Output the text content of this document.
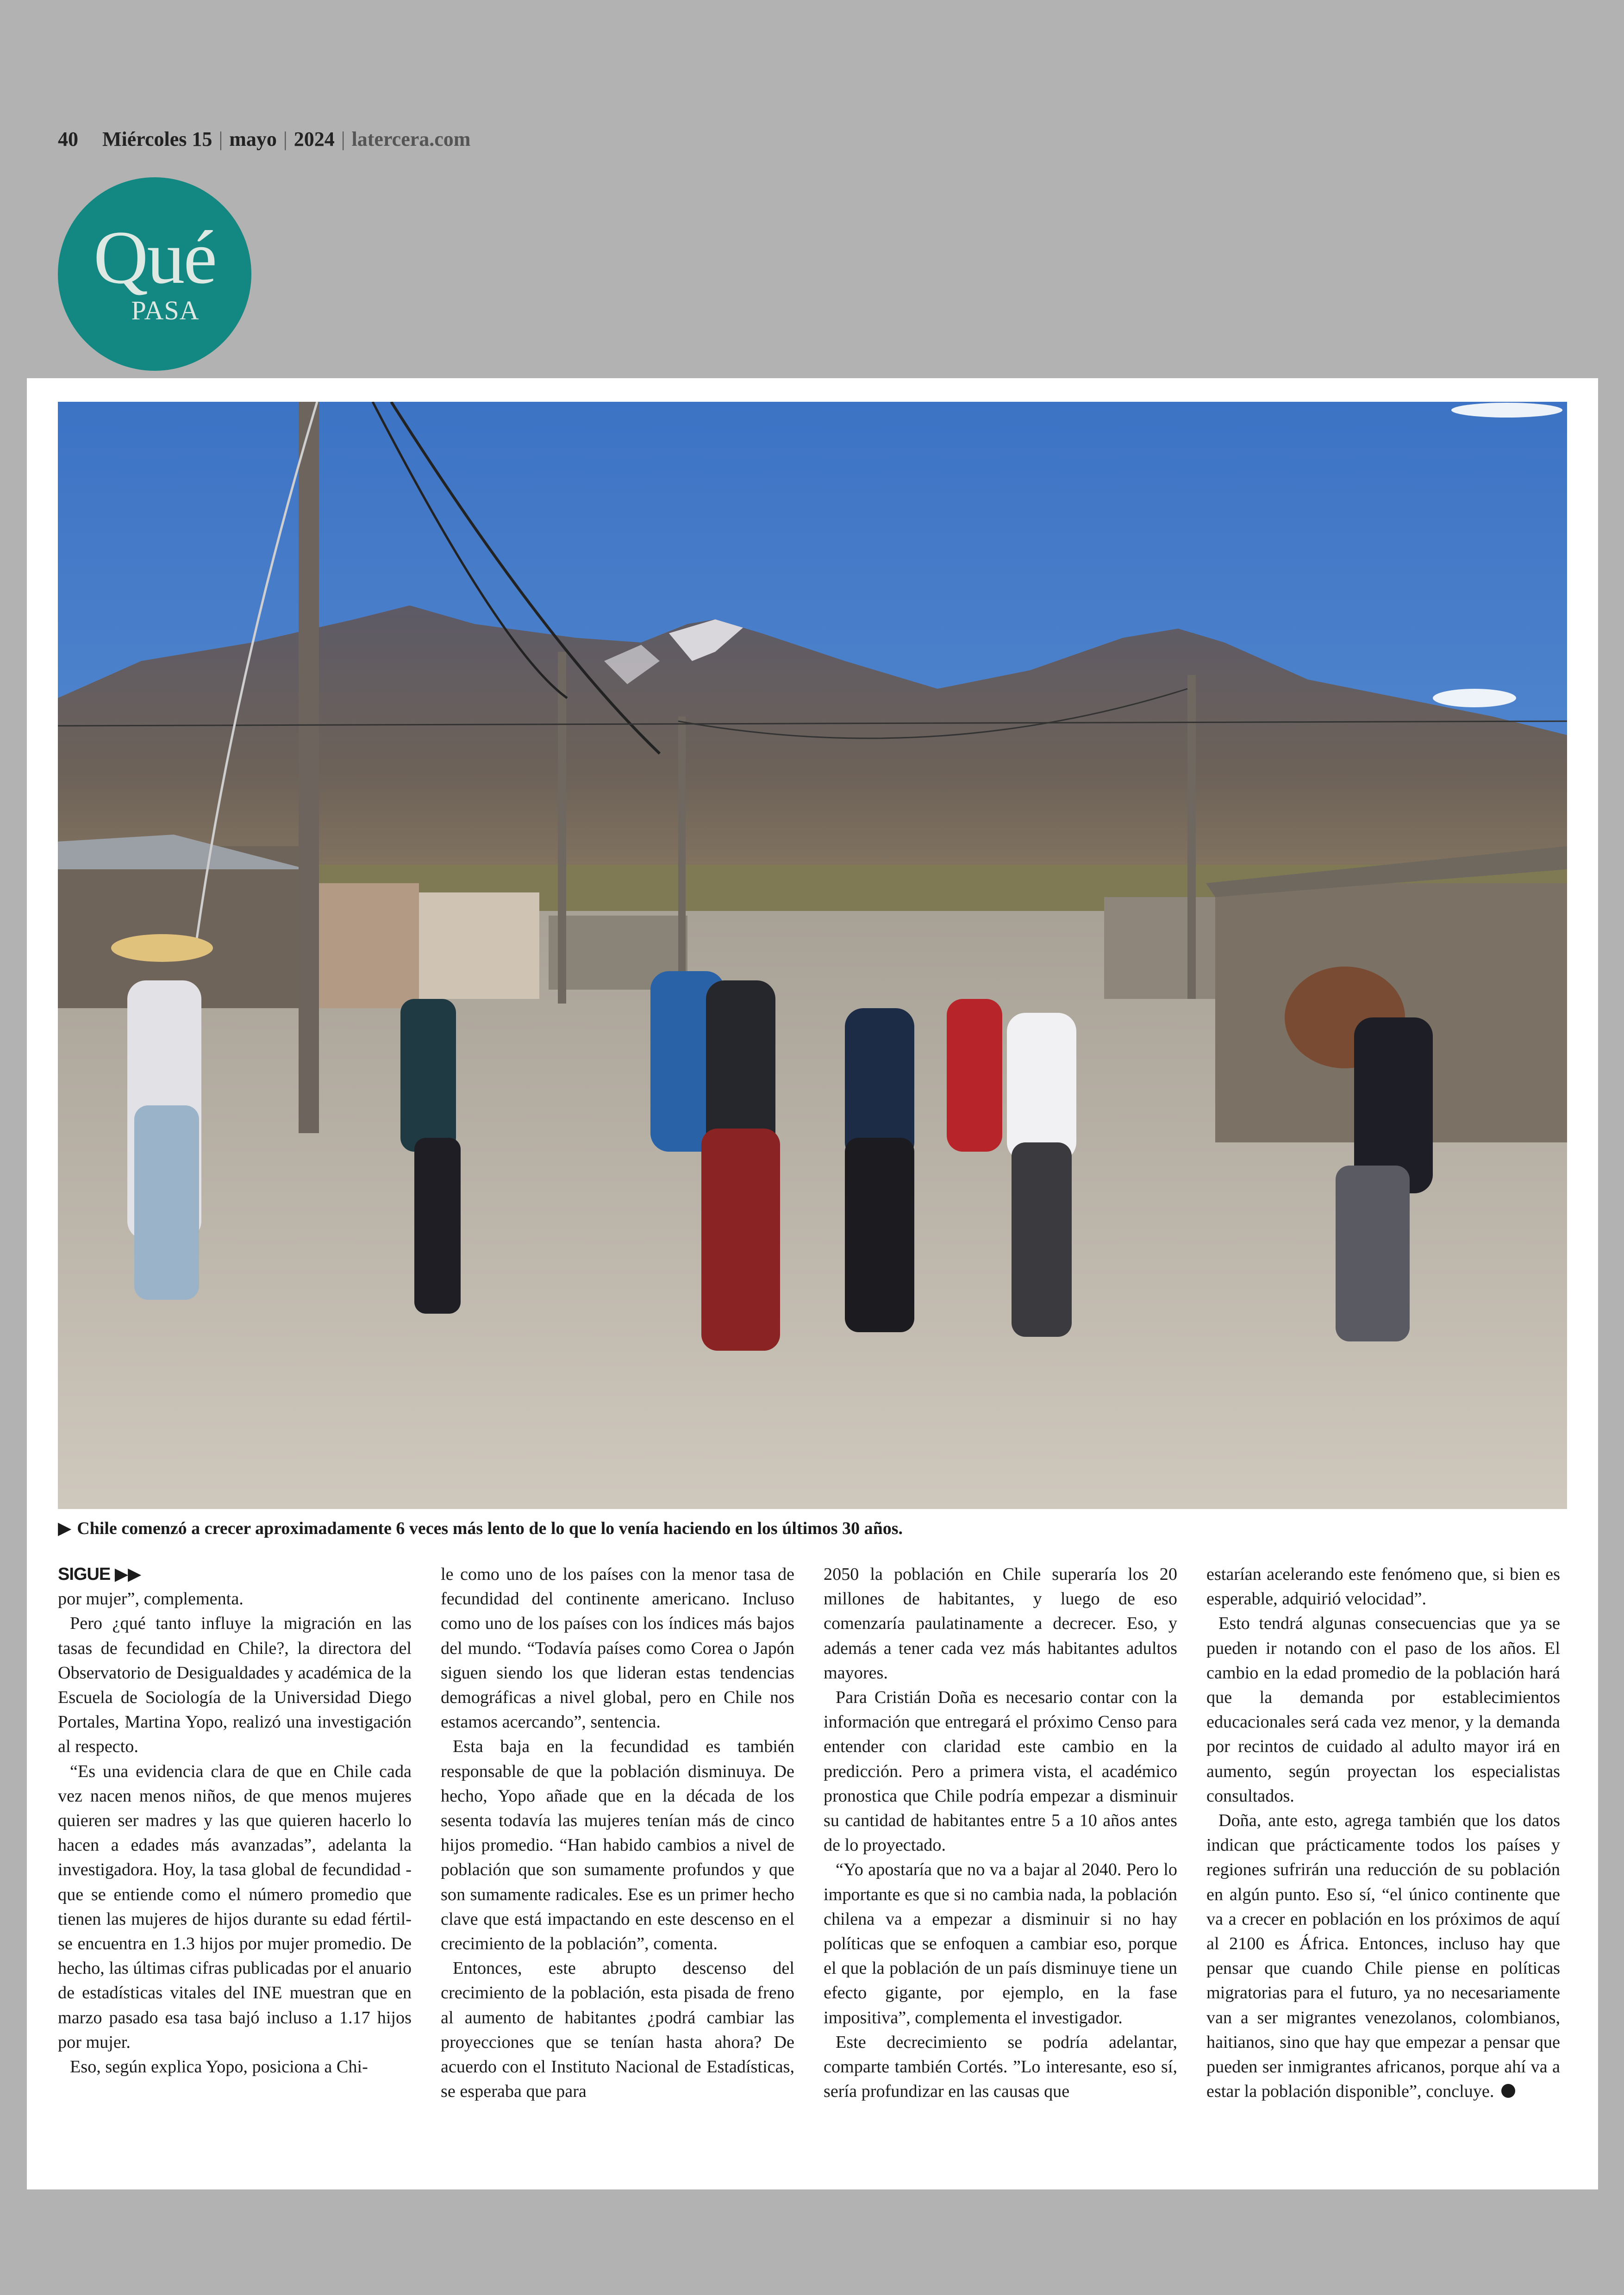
40 Miércoles 15 | mayo | 2024 | latercera.com
Qué
PASA
▶ Chile comenzó a crecer aproximadamente 6 veces más lento de lo que lo venía haciendo en los últimos 30 años.

SIGUE ▶▶

por mujer”, complementa.

Pero ¿qué tanto influye la migración en las tasas de fecundidad en Chile?, la directora del Observatorio de Desigualdades y académica de la Escuela de Sociología de la Universidad Diego Portales, Martina Yopo, realizó una investigación al respecto.

“Es una evidencia clara de que en Chile cada vez nacen menos niños, de que menos mujeres quieren ser madres y las que quieren hacerlo lo hacen a edades más avanzadas”, adelanta la investigadora. Hoy, la tasa global de fecundidad -que se entiende como el número promedio que tienen las mujeres de hijos durante su edad fértil- se encuentra en 1.3 hijos por mujer promedio. De hecho, las últimas cifras publicadas por el anuario de estadísticas vitales del INE muestran que en marzo pasado esa tasa bajó incluso a 1.17 hijos por mujer.

Eso, según explica Yopo, posiciona a Chi-

le como uno de los países con la menor tasa de fecundidad del continente americano. Incluso como uno de los países con los índices más bajos del mundo. “Todavía países como Corea o Japón siguen siendo los que lideran estas tendencias demográficas a nivel global, pero en Chile nos estamos acercando”, sentencia.

Esta baja en la fecundidad es también responsable de que la población disminuya. De hecho, Yopo añade que en la década de los sesenta todavía las mujeres tenían más de cinco hijos promedio. “Han habido cambios a nivel de población que son sumamente profundos y que son sumamente radicales. Ese es un primer hecho clave que está impactando en este descenso en el crecimiento de la población”, comenta.

Entonces, este abrupto descenso del crecimiento de la población, esta pisada de freno al aumento de habitantes ¿podrá cambiar las proyecciones que se tenían hasta ahora? De acuerdo con el Instituto Nacional de Estadísticas, se esperaba que para

2050 la población en Chile superaría los 20 millones de habitantes, y luego de eso comenzaría paulatinamente a decrecer. Eso, y además a tener cada vez más habitantes adultos mayores.

Para Cristián Doña es necesario contar con la información que entregará el próximo Censo para entender con claridad este cambio en la predicción. Pero a primera vista, el académico pronostica que Chile podría empezar a disminuir su cantidad de habitantes entre 5 a 10 años antes de lo proyectado.

“Yo apostaría que no va a bajar al 2040. Pero lo importante es que si no cambia nada, la población chilena va a empezar a disminuir si no hay políticas que se enfoquen a cambiar eso, porque el que la población de un país disminuye tiene un efecto gigante, por ejemplo, en la fase impositiva”, complementa el investigador.

Este decrecimiento se podría adelantar, comparte también Cortés. ”Lo interesante, eso sí, sería profundizar en las causas que

estarían acelerando este fenómeno que, si bien es esperable, adquirió velocidad”.

Esto tendrá algunas consecuencias que ya se pueden ir notando con el paso de los años. El cambio en la edad promedio de la población hará que la demanda por establecimientos educacionales será cada vez menor, y la demanda por recintos de cuidado al adulto mayor irá en aumento, según proyectan los especialistas consultados.

Doña, ante esto, agrega también que los datos indican que prácticamente todos los países y regiones sufrirán una reducción de su población en algún punto. Eso sí, “el único continente que va a crecer en población en los próximos de aquí al 2100 es África. Entonces, incluso hay que pensar que cuando Chile piense en políticas migratorias para el futuro, ya no necesariamente van a ser migrantes venezolanos, colombianos, haitianos, sino que hay que empezar a pensar que pueden ser inmigrantes africanos, porque ahí va a estar la población disponible”, concluye.
